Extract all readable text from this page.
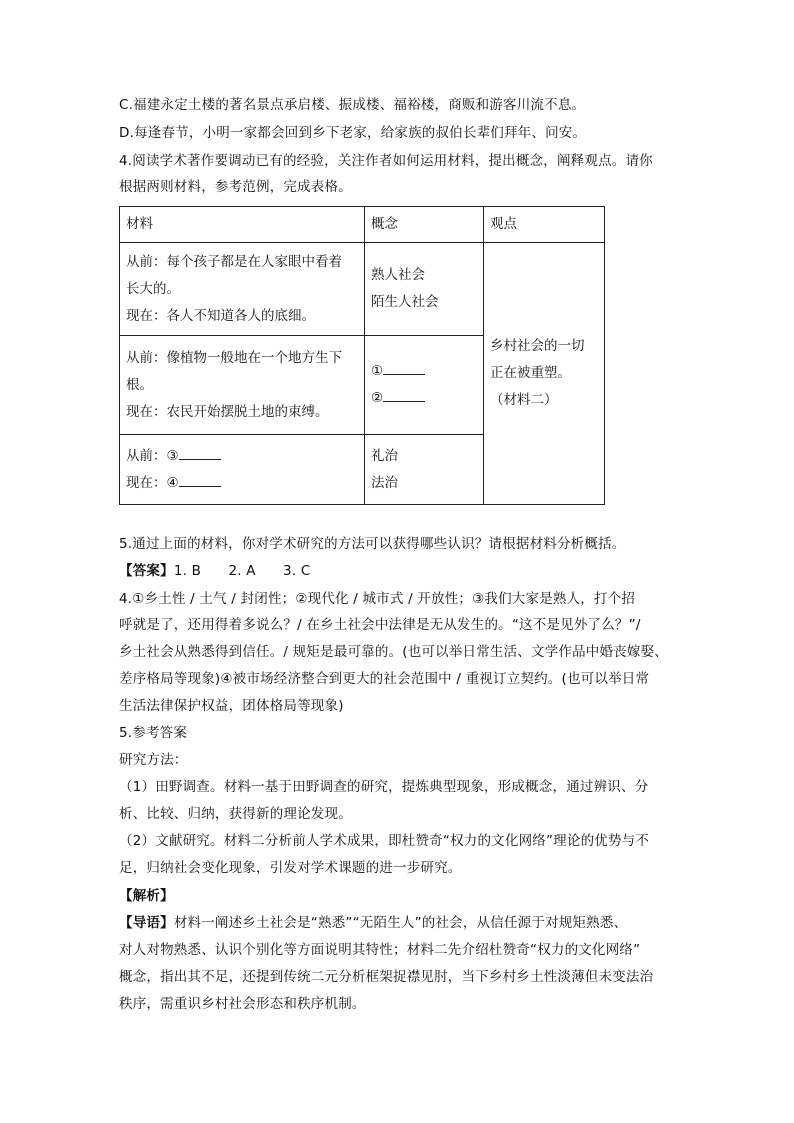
C.福建永定土楼的著名景点承启楼、振成楼、福裕楼，商贩和游客川流不息。
D.每逢春节，小明一家都会回到乡下老家，给家族的叔伯长辈们拜年、问安。
4.阅读学术著作要调动已有的经验，关注作者如何运用材料，提出概念，阐释观点。请你
根据两则材料，参考范例，完成表格。
材料	概念	观点

从前：每个孩子都是在人家眼中看着
长大的。
现在：各人不知道各人的底细。	熟人社会
陌生人社会	乡村社会的一切
正在被重塑。
（材料二）

从前：像植物一般地在一个地方生下
根。
现在：农民开始摆脱土地的束缚。	①
②	

从前：③
现在：④	礼治
法治	
5.通过上面的材料，你对学术研究的方法可以获得哪些认识？请根据材料分析概括。
【答案】1. B　　2. A　　3. C
4.①乡土性 / 土气 / 封闭性；②现代化 / 城市式 / 开放性；③我们大家是熟人，打个招
呼就是了，还用得着多说么？/ 在乡土社会中法律是无从发生的。“这不是见外了么？”/
乡土社会从熟悉得到信任。/ 规矩是最可靠的。(也可以举日常生活、文学作品中婚丧嫁娶、
差序格局等现象)④被市场经济整合到更大的社会范围中 / 重视订立契约。(也可以举日常
生活法律保护权益，团体格局等现象)
5.参考答案
研究方法：
（1）田野调查。材料一基于田野调查的研究，提炼典型现象，形成概念，通过辨识、分
析、比较、归纳，获得新的理论发现。
（2）文献研究。材料二分析前人学术成果，即杜赞奇“权力的文化网络”理论的优势与不
足，归纳社会变化现象，引发对学术课题的进一步研究。
【解析】
【导语】材料一阐述乡土社会是“熟悉”“无陌生人”的社会，从信任源于对规矩熟悉、
对人对物熟悉、认识个别化等方面说明其特性；材料二先介绍杜赞奇“权力的文化网络”
概念，指出其不足，还提到传统二元分析框架捉襟见肘，当下乡村乡土性淡薄但未变法治
秩序，需重识乡村社会形态和秩序机制。
